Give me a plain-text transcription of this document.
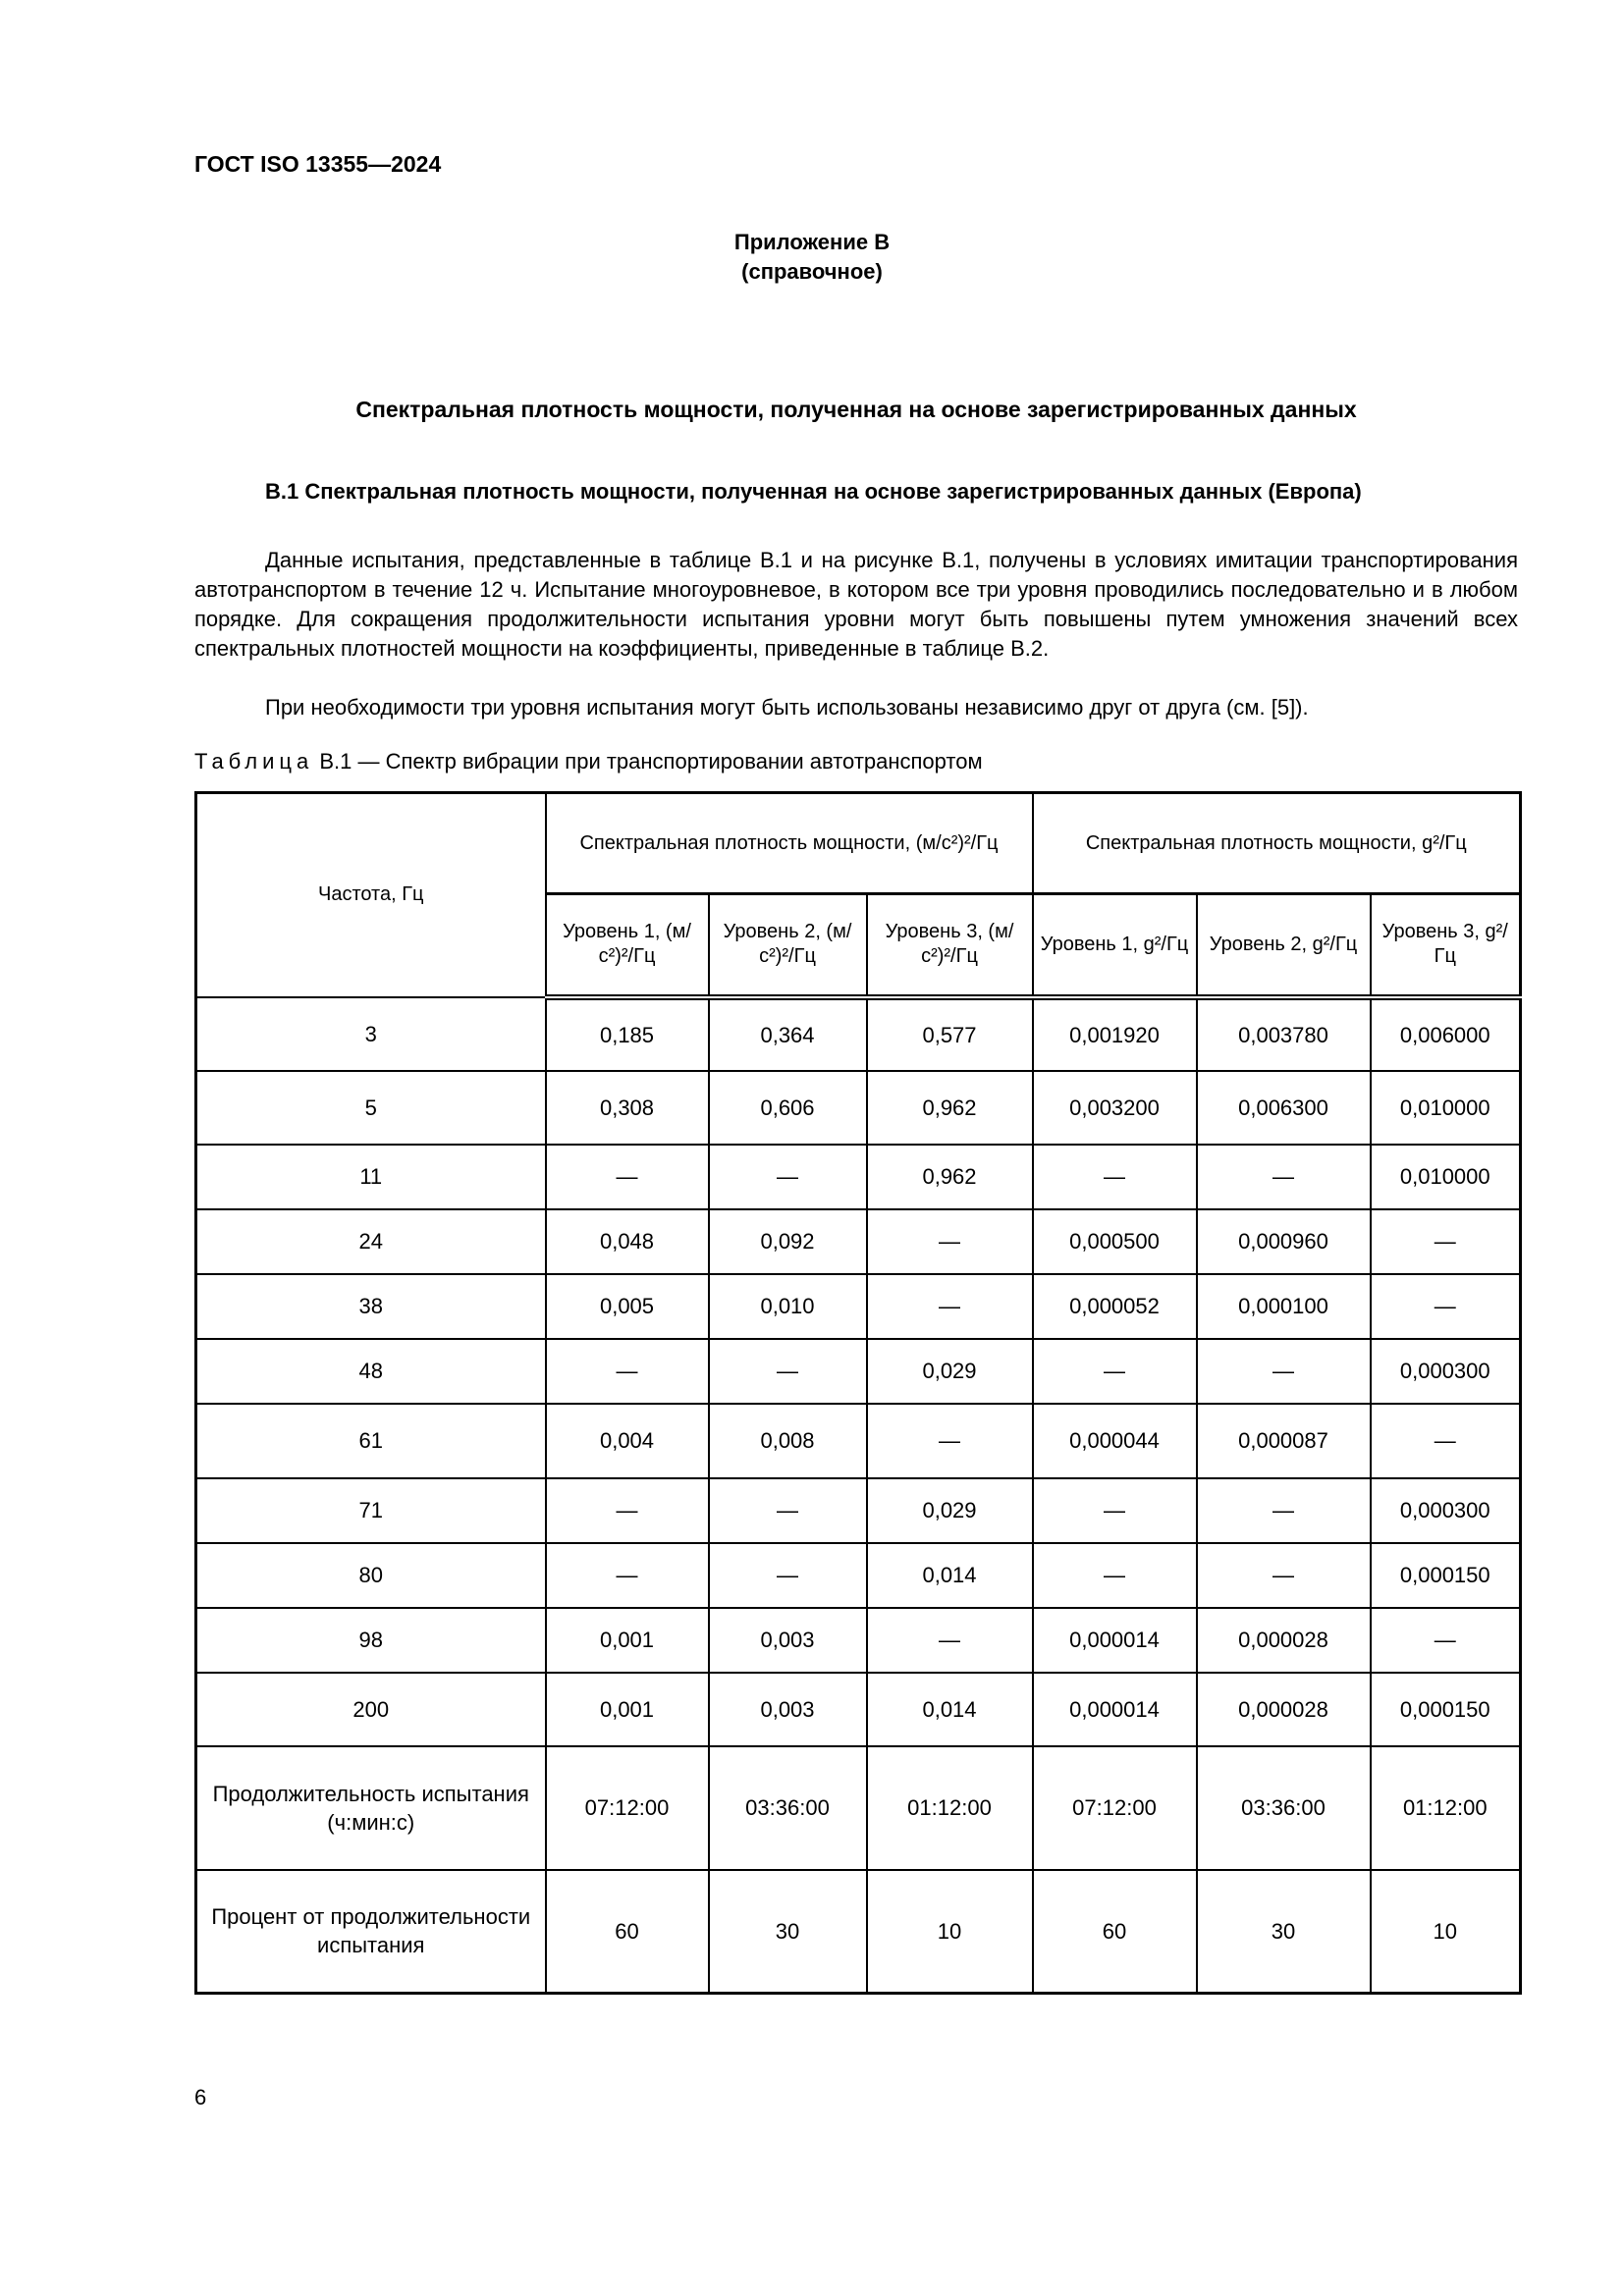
ГОСТ ISO 13355—2024
Приложение В
(справочное)
Спектральная плотность мощности, полученная на основе зарегистрированных данных
В.1 Спектральная плотность мощности, полученная на основе зарегистрированных данных (Европа)
Данные испытания, представленные в таблице В.1 и на рисунке В.1, получены в условиях имитации транспортирования автотранспортом в течение 12 ч. Испытание многоуровневое, в котором все три уровня проводились последовательно и в любом порядке. Для сокращения продолжительности испытания уровни могут быть повышены путем умножения значений всех спектральных плотностей мощности на коэффициенты, приведенные в таблице В.2.
При необходимости три уровня испытания могут быть использованы независимо друг от друга (см. [5]).
Таблица В.1 — Спектр вибрации при транспортировании автотранспортом
Частота, Гц	Спектральная плотность мощности, (м/с²)²/Гц			Спектральная плотность мощности, g²/Гц		
	Уровень 1, (м/с²)²/Гц	Уровень 2, (м/с²)²/Гц	Уровень 3, (м/с²)²/Гц	Уровень 1, g²/Гц	Уровень 2, g²/Гц	Уровень 3, g²/Гц
3	0,185	0,364	0,577	0,001920	0,003780	0,006000
5	0,308	0,606	0,962	0,003200	0,006300	0,010000
11	—	—	0,962	—	—	0,010000
24	0,048	0,092	—	0,000500	0,000960	—
38	0,005	0,010	—	0,000052	0,000100	—
48	—	—	0,029	—	—	0,000300
61	0,004	0,008	—	0,000044	0,000087	—
71	—	—	0,029	—	—	0,000300
80	—	—	0,014	—	—	0,000150
98	0,001	0,003	—	0,000014	0,000028	—
200	0,001	0,003	0,014	0,000014	0,000028	0,000150
Продолжительность испытания (ч:мин:с)	07:12:00	03:36:00	01:12:00	07:12:00	03:36:00	01:12:00
Процент от продолжительности испытания	60	30	10	60	30	10
6
